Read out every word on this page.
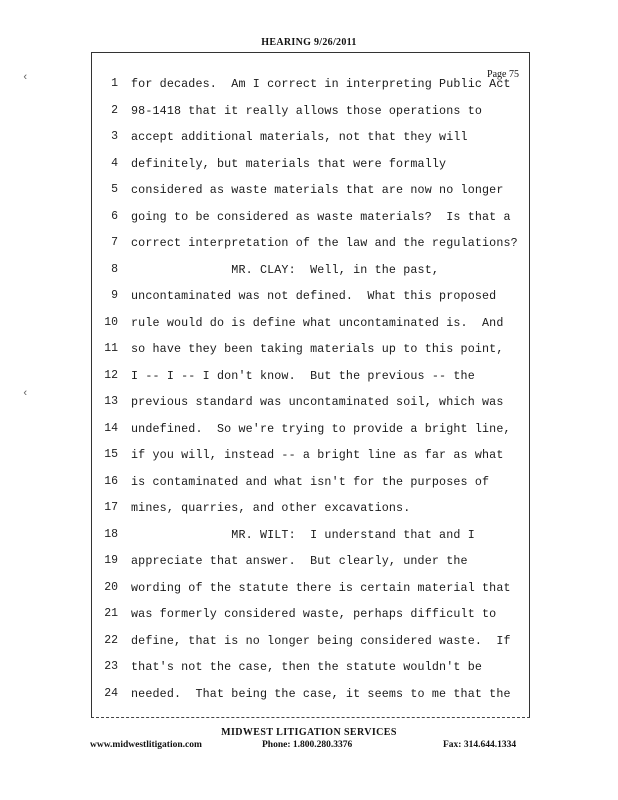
HEARING 9/26/2011
Page 75
1 for decades.  Am I correct in interpreting Public Act
2 98-1418 that it really allows those operations to
3 accept additional materials, not that they will
4 definitely, but materials that were formally
5 considered as waste materials that are now no longer
6 going to be considered as waste materials?  Is that a
7 correct interpretation of the law and the regulations?
8 MR. CLAY:  Well, in the past,
9 uncontaminated was not defined.  What this proposed
10 rule would do is define what uncontaminated is.  And
11 so have they been taking materials up to this point,
12 I -- I -- I don't know.  But the previous -- the
13 previous standard was uncontaminated soil, which was
14 undefined.  So we're trying to provide a bright line,
15 if you will, instead -- a bright line as far as what
16 is contaminated and what isn't for the purposes of
17 mines, quarries, and other excavations.
18 MR. WILT:  I understand that and I
19 appreciate that answer.  But clearly, under the
20 wording of the statute there is certain material that
21 was formerly considered waste, perhaps difficult to
22 define, that is no longer being considered waste.  If
23 that's not the case, then the statute wouldn't be
24 needed.  That being the case, it seems to me that the
‹
‹
MIDWEST LITIGATION SERVICES
www.midwestlitigation.com	Phone: 1.800.280.3376	Fax: 314.644.1334
